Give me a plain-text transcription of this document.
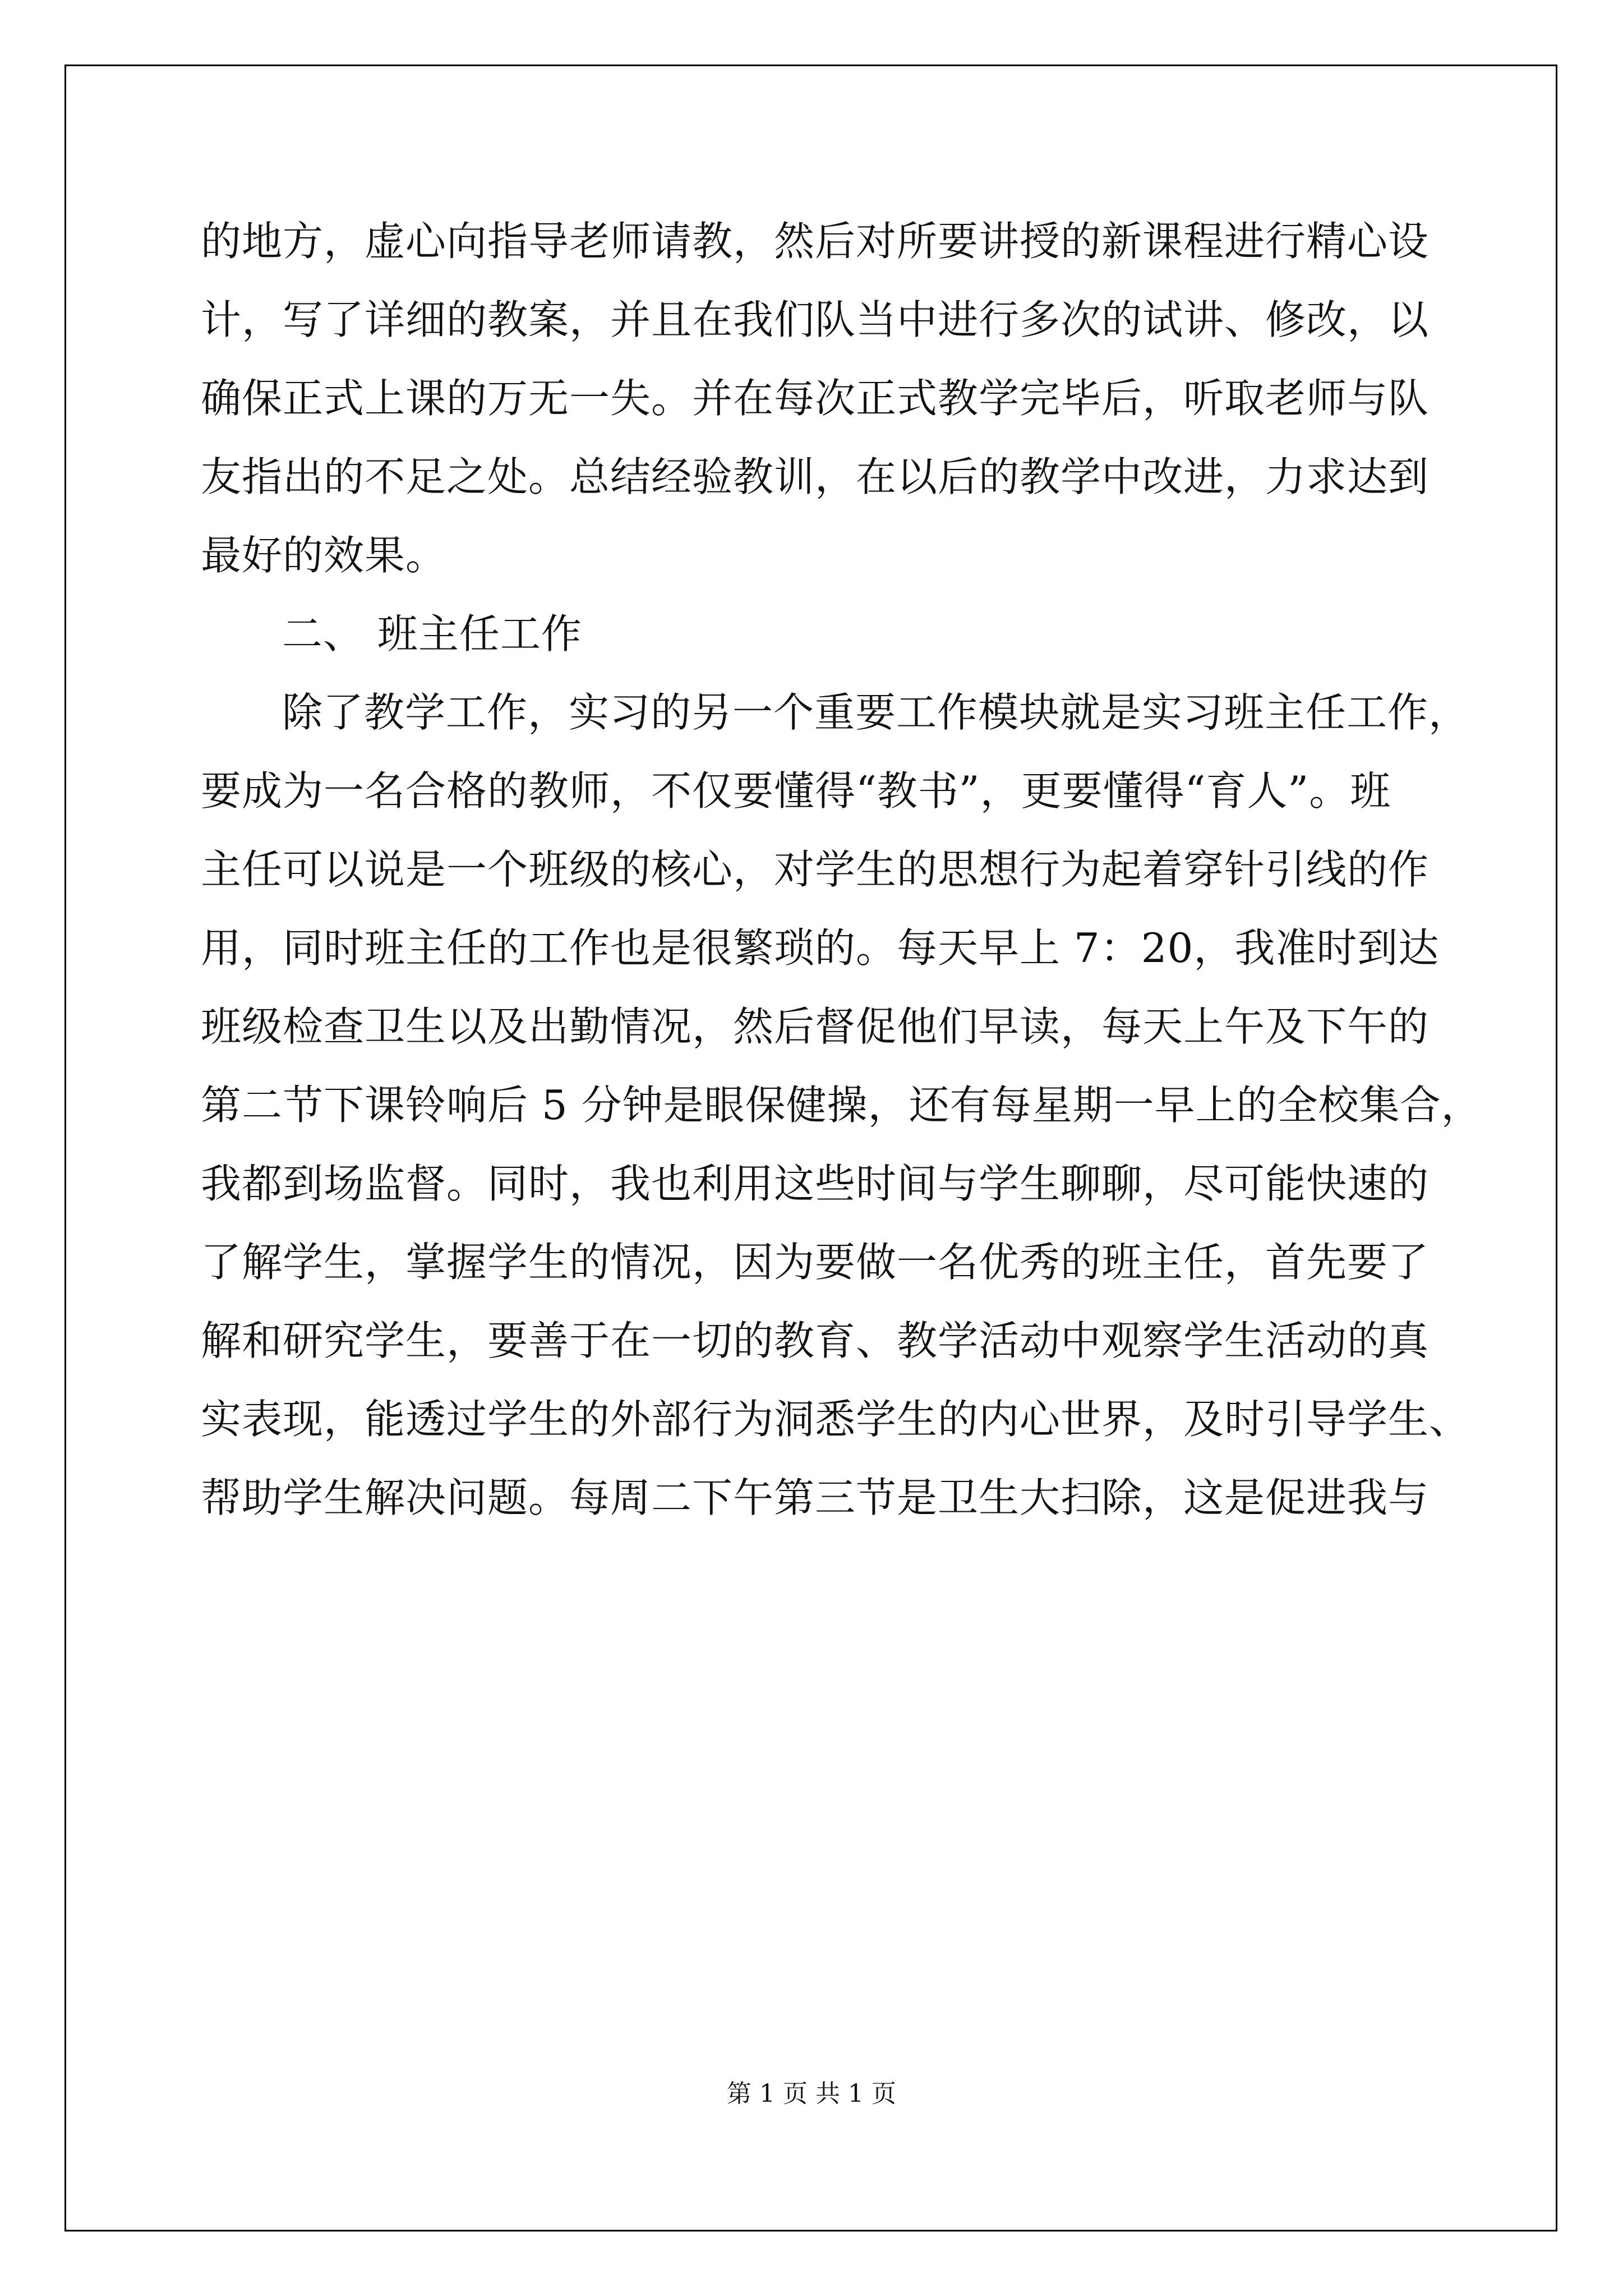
的地方，虚心向指导老师请教，然后对所要讲授的新课程进行精心设
计，写了详细的教案，并且在我们队当中进行多次的试讲、修改，以
确保正式上课的万无一失。并在每次正式教学完毕后，听取老师与队
友指出的不足之处。总结经验教训，在以后的教学中改进，力求达到
最好的效果。
二、 班主任工作
除了教学工作，实习的另一个重要工作模块就是实习班主任工作，
要成为一名合格的教师，不仅要懂得“教书”，更要懂得“育人”。班
主任可以说是一个班级的核心，对学生的思想行为起着穿针引线的作
用，同时班主任的工作也是很繁琐的。每天早上 7：20，我准时到达
班级检查卫生以及出勤情况，然后督促他们早读，每天上午及下午的
第二节下课铃响后 5 分钟是眼保健操，还有每星期一早上的全校集合，
我都到场监督。同时，我也利用这些时间与学生聊聊，尽可能快速的
了解学生，掌握学生的情况，因为要做一名优秀的班主任，首先要了
解和研究学生，要善于在一切的教育、教学活动中观察学生活动的真
实表现，能透过学生的外部行为洞悉学生的内心世界，及时引导学生、
帮助学生解决问题。每周二下午第三节是卫生大扫除，这是促进我与
第 1 页 共 1 页
